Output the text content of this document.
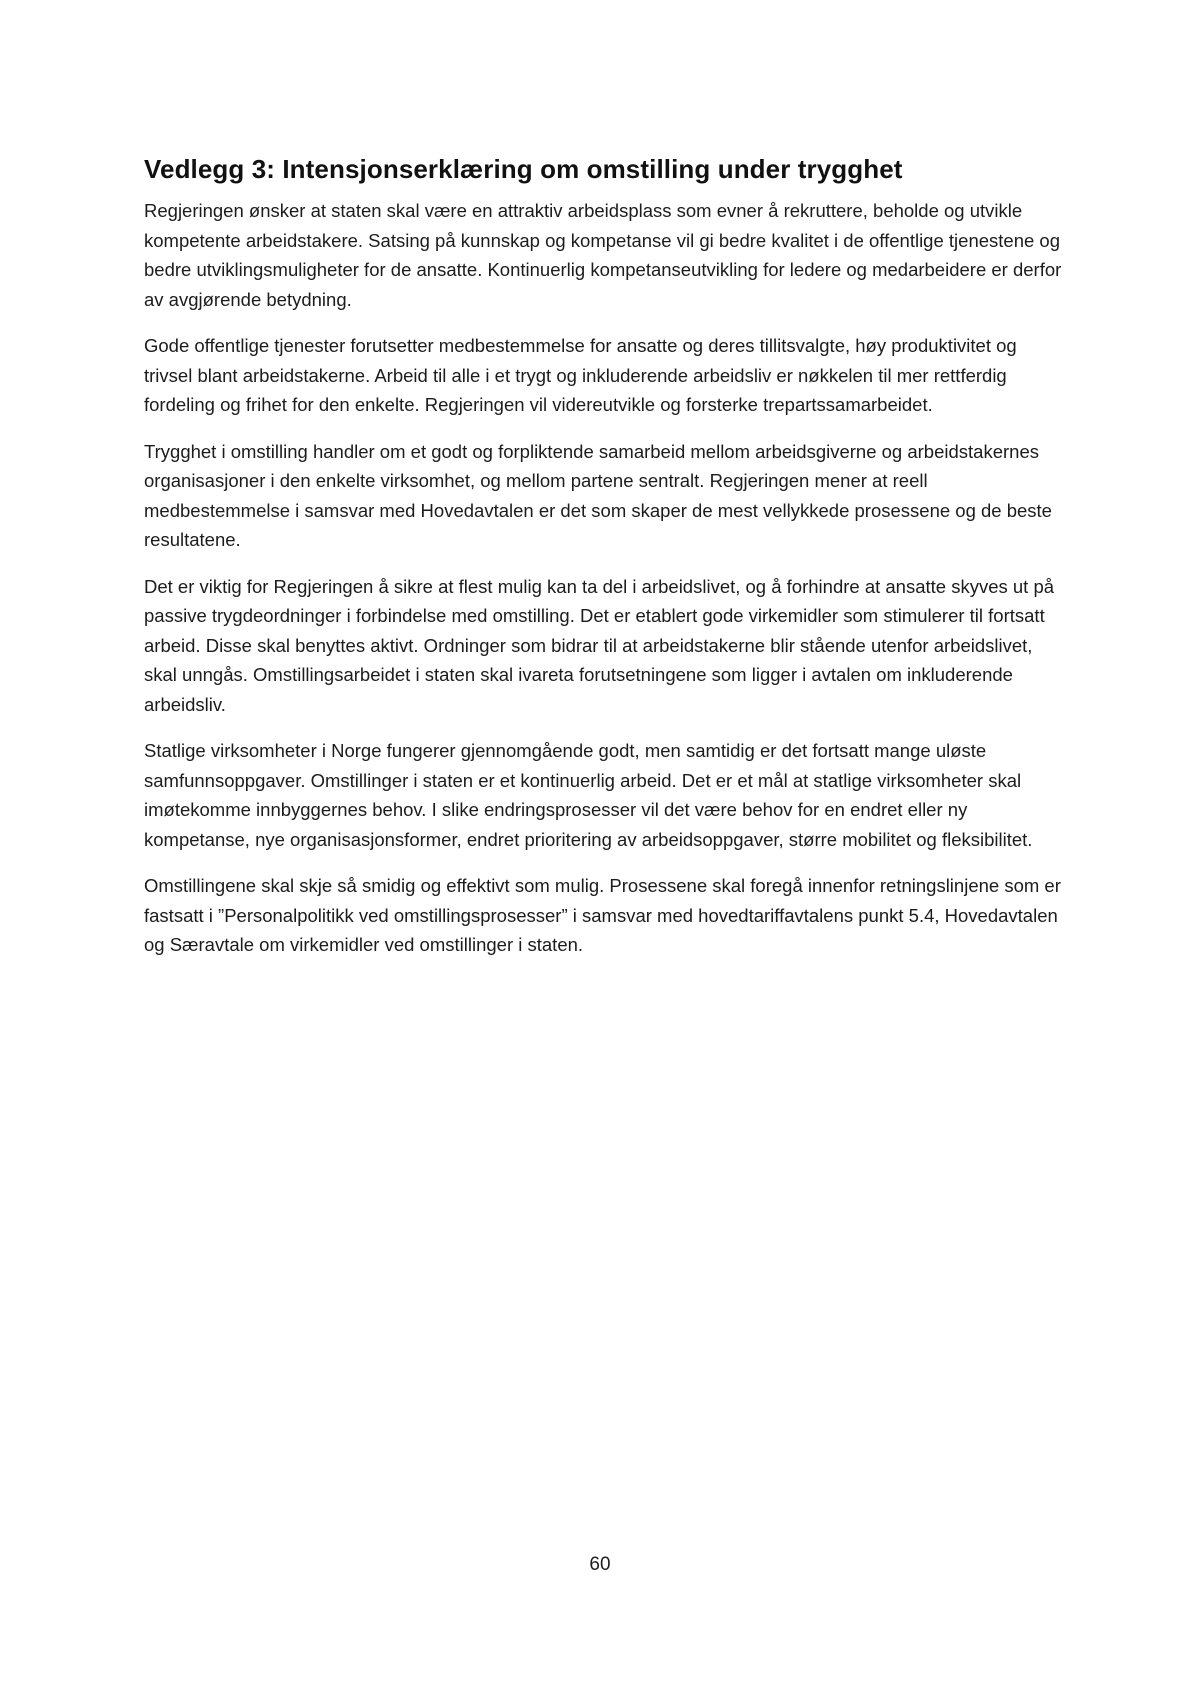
Vedlegg 3: Intensjonserklæring om omstilling under trygghet

Regjeringen ønsker at staten skal være en attraktiv arbeidsplass som evner å rekruttere, beholde og utvikle kompetente arbeidstakere. Satsing på kunnskap og kompetanse vil gi bedre kvalitet i de offentlige tjenestene og bedre utviklingsmuligheter for de ansatte. Kontinuerlig kompetanseutvikling for ledere og medarbeidere er derfor av avgjørende betydning.

Gode offentlige tjenester forutsetter medbestemmelse for ansatte og deres tillitsvalgte, høy produktivitet og trivsel blant arbeidstakerne. Arbeid til alle i et trygt og inkluderende arbeidsliv er nøkkelen til mer rettferdig fordeling og frihet for den enkelte. Regjeringen vil videreutvikle og forsterke trepartssamarbeidet.

Trygghet i omstilling handler om et godt og forpliktende samarbeid mellom arbeidsgiverne og arbeidstakernes organisasjoner i den enkelte virksomhet, og mellom partene sentralt. Regjeringen mener at reell medbestemmelse i samsvar med Hovedavtalen er det som skaper de mest vellykkede prosessene og de beste resultatene.

Det er viktig for Regjeringen å sikre at flest mulig kan ta del i arbeidslivet, og å forhindre at ansatte skyves ut på passive trygdeordninger i forbindelse med omstilling. Det er etablert gode virkemidler som stimulerer til fortsatt arbeid. Disse skal benyttes aktivt. Ordninger som bidrar til at arbeidstakerne blir stående utenfor arbeidslivet, skal unngås. Omstillingsarbeidet i staten skal ivareta forutsetningene som ligger i avtalen om inkluderende arbeidsliv.

Statlige virksomheter i Norge fungerer gjennomgående godt, men samtidig er det fortsatt mange uløste samfunnsoppgaver. Omstillinger i staten er et kontinuerlig arbeid. Det er et mål at statlige virksomheter skal imøtekomme innbyggernes behov. I slike endringsprosesser vil det være behov for en endret eller ny kompetanse, nye organisasjonsformer, endret prioritering av arbeidsoppgaver, større mobilitet og fleksibilitet.

Omstillingene skal skje så smidig og effektivt som mulig. Prosessene skal foregå innenfor retningslinjene som er fastsatt i ”Personalpolitikk ved omstillingsprosesser” i samsvar med hovedtariffavtalens punkt 5.4, Hovedavtalen og Særavtale om virkemidler ved omstillinger i staten.

60
